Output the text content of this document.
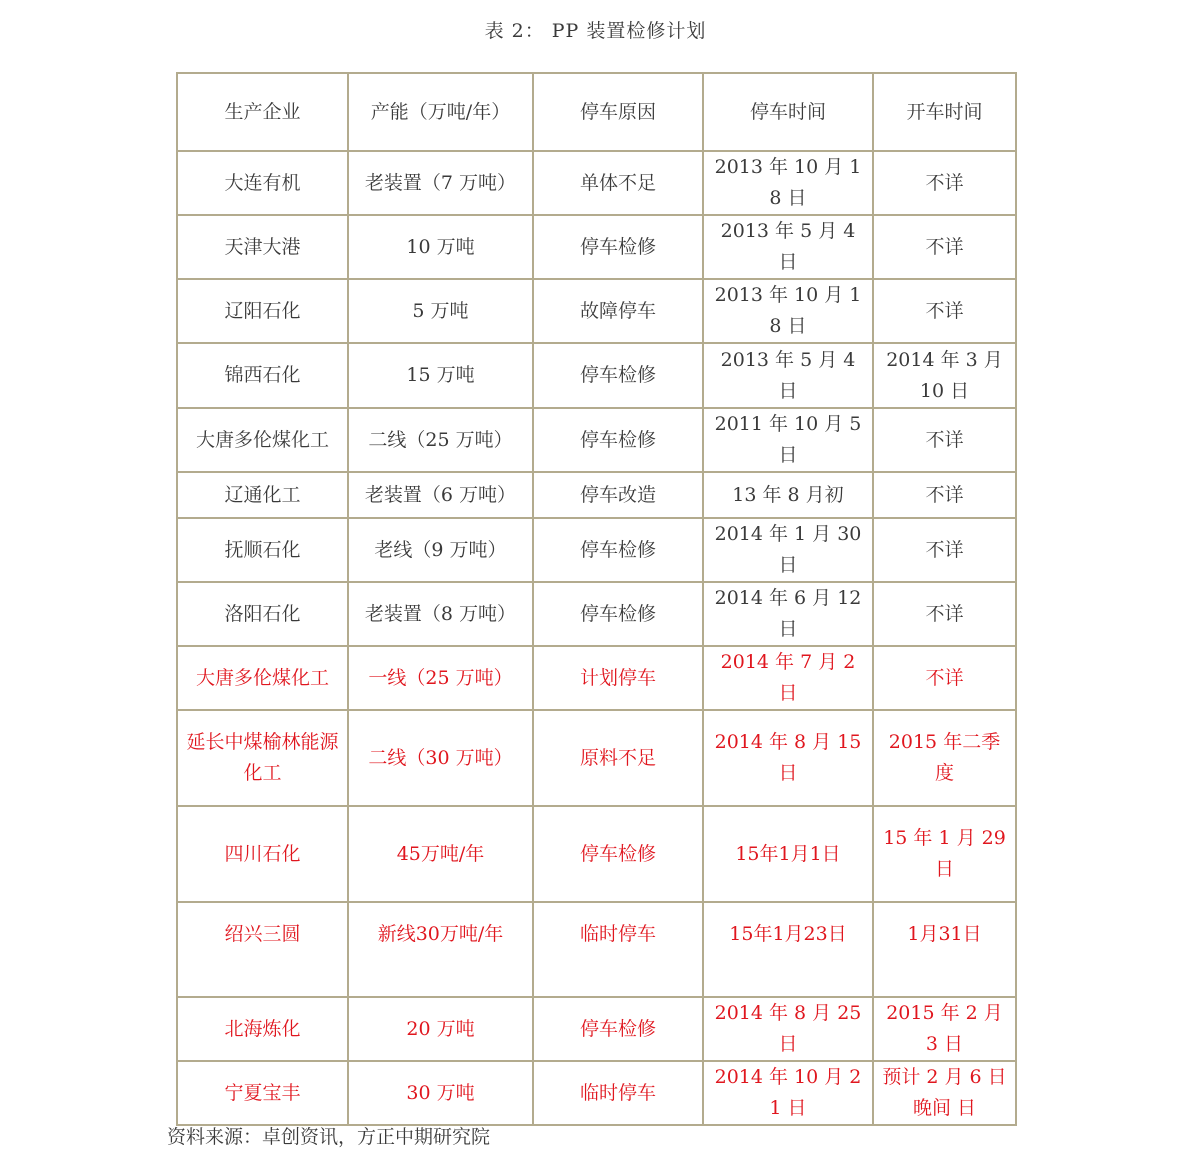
表 2： PP 装置检修计划
生产企业	产能（万吨/年）	停车原因	停车时间	开车时间
大连有机	老装置（7 万吨）	单体不足	2013 年 10 月 18 日	不详
天津大港	10 万吨	停车检修	2013 年 5 月 4 日	不详
辽阳石化	5 万吨	故障停车	2013 年 10 月 18 日	不详
锦西石化	15 万吨	停车检修	2013 年 5 月 4 日	2014 年 3 月 10 日
大唐多伦煤化工	二线（25 万吨）	停车检修	2011 年 10 月 5 日	不详
辽通化工	老装置（6 万吨）	停车改造	13 年 8 月初	不详
抚顺石化	老线（9 万吨）	停车检修	2014 年 1 月 30 日	不详
洛阳石化	老装置（8 万吨）	停车检修	2014 年 6 月 12 日	不详
大唐多伦煤化工	一线（25 万吨）	计划停车	2014 年 7 月 2 日	不详
延长中煤榆林能源化工	二线（30 万吨）	原料不足	2014 年 8 月 15 日	2015 年二季度
四川石化	45万吨/年	停车检修	15年1月1日	15 年 1 月 29 日
绍兴三圆	新线30万吨/年	临时停车	15年1月23日	1月31日
北海炼化	20 万吨	停车检修	2014 年 8 月 25 日	2015 年 2 月 3 日
宁夏宝丰	30 万吨	临时停车	2014 年 10 月 21 日	预计 2 月 6 日晚间 日
资料来源：卓创资讯，方正中期研究院
